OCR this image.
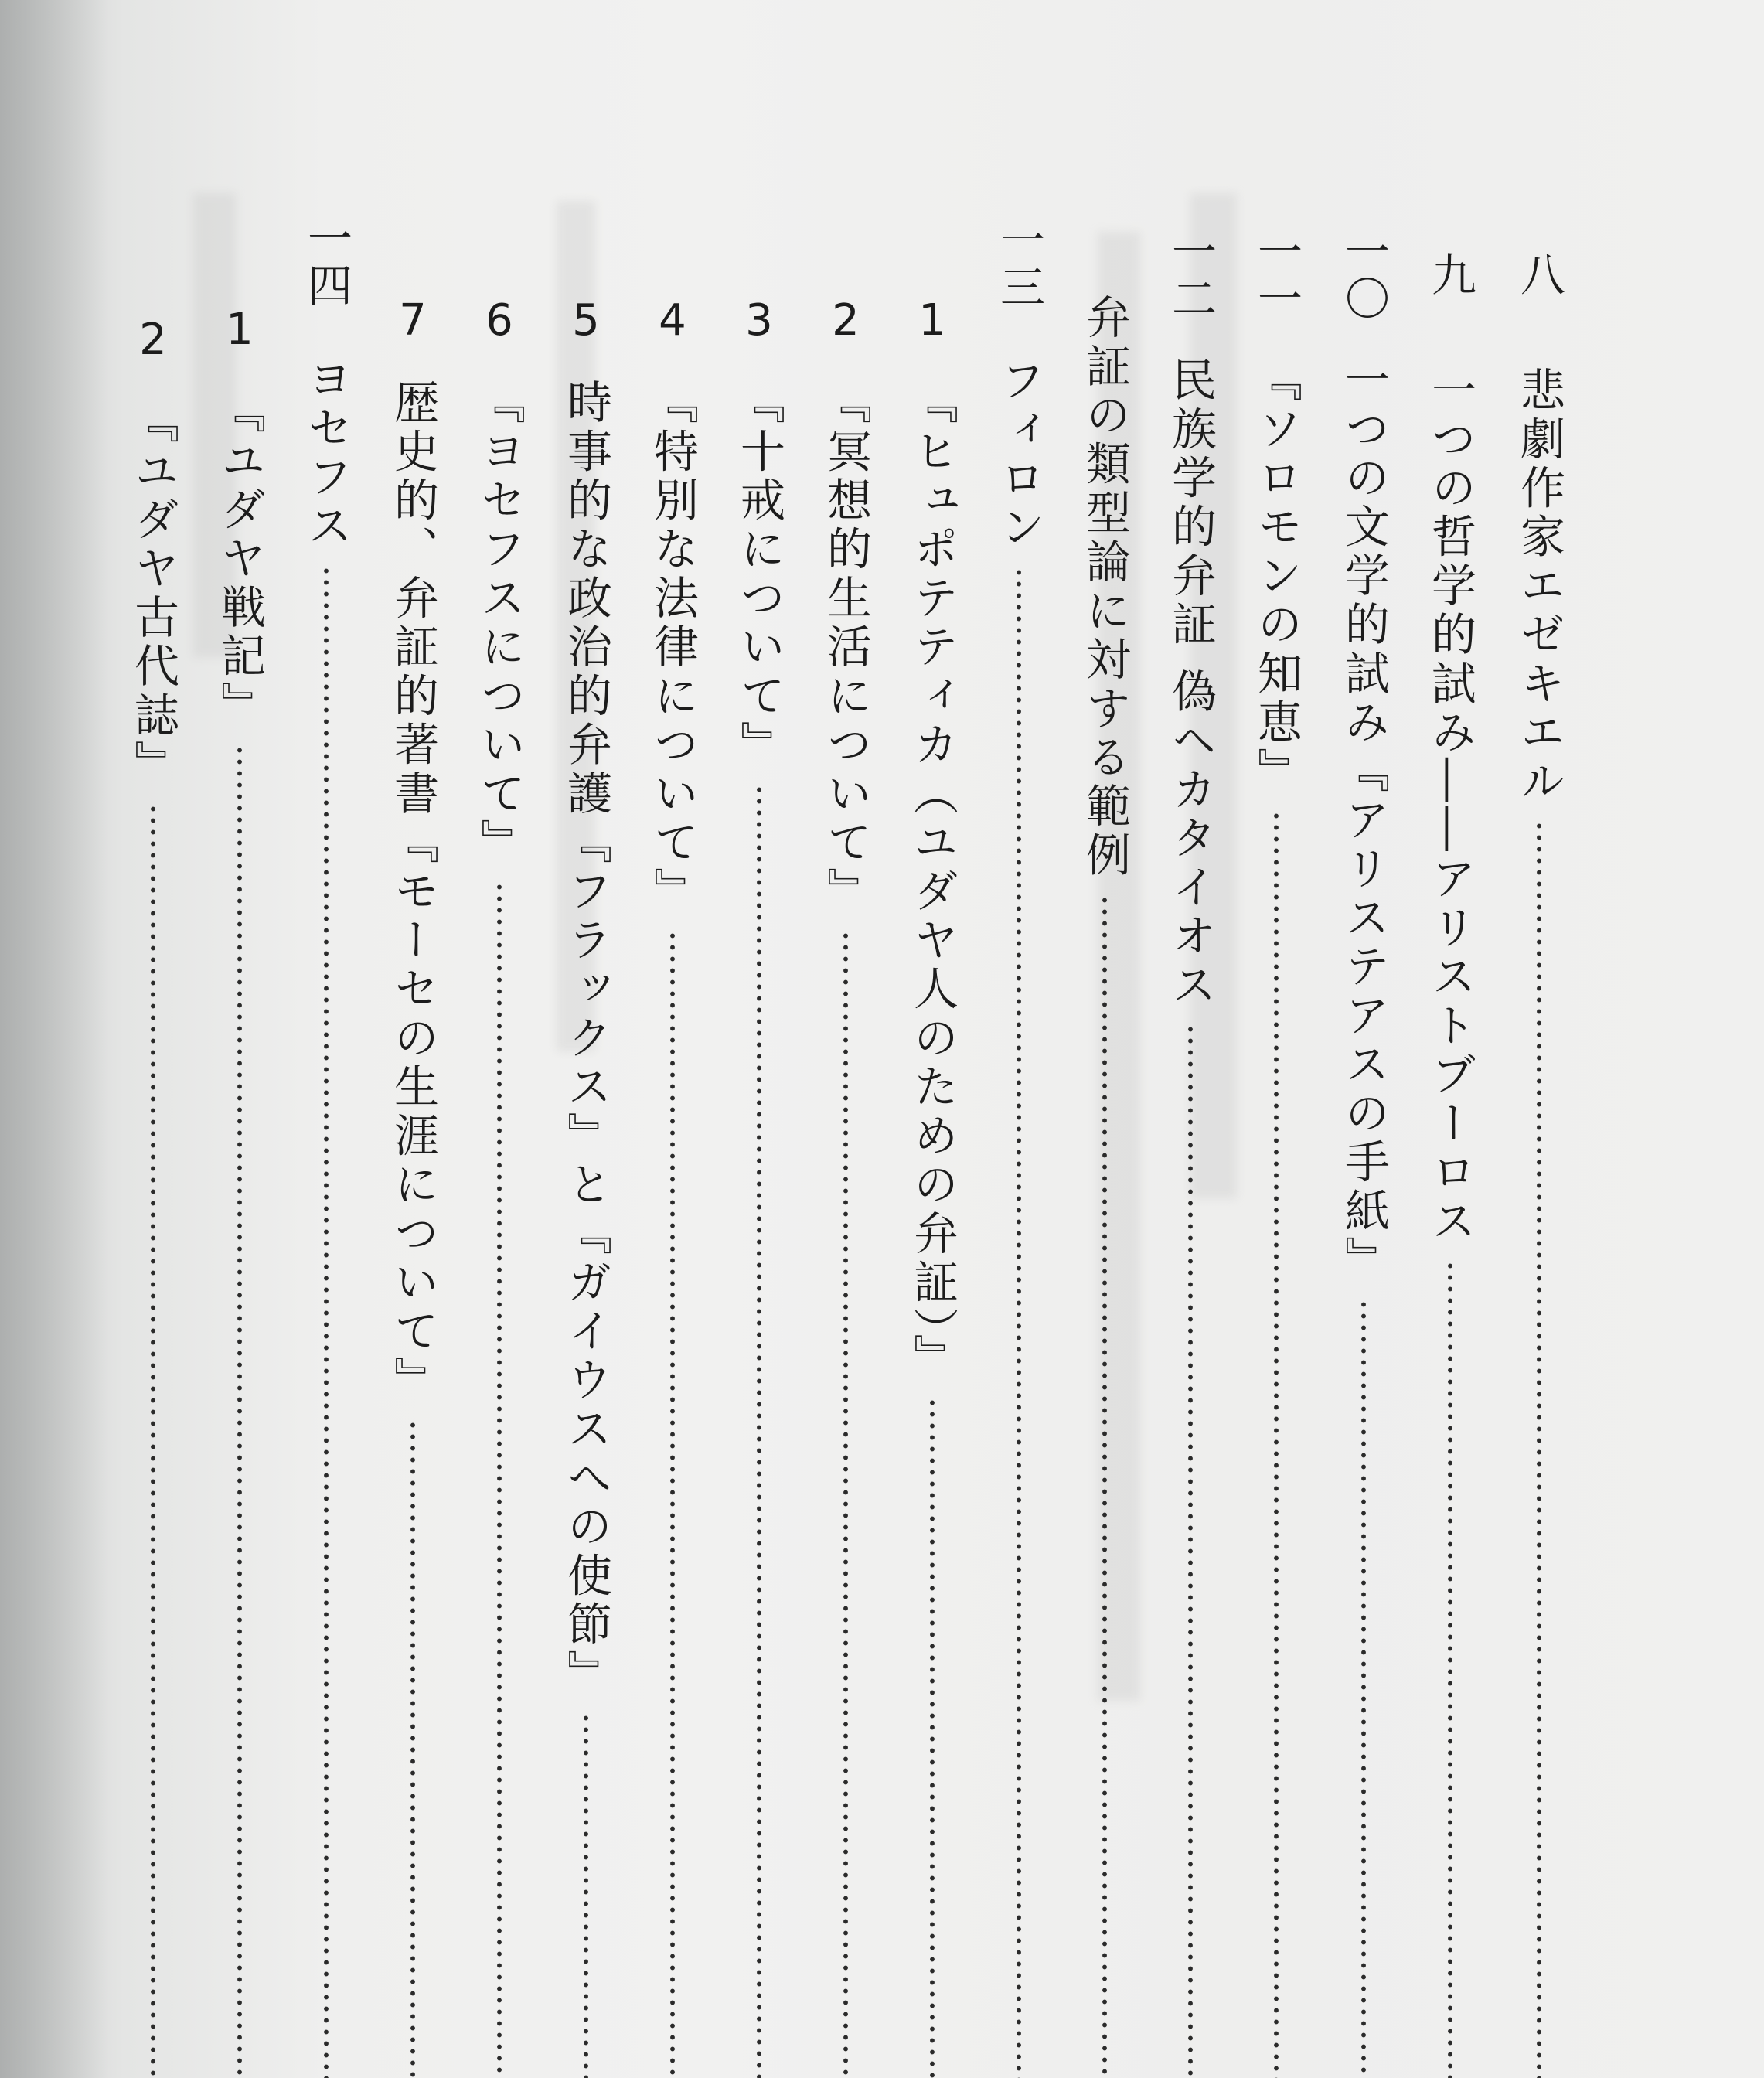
八
悲劇作家エゼキエル
九
一つの哲学的試み――アリストブーロス
一〇
一つの文学的試み『アリステアスの手紙』
一一
『ソロモンの知恵』
一二
民族学的弁証 偽ヘカタイオス
弁証の類型論に対する範例
一三
フィロン
1
『ヒュポテティカ（ユダヤ人のための弁証）』
2
『冥想的生活について』
3
『十戒について』
4
『特別な法律について』
5
時事的な政治的弁護『フラックス』と『ガイウスへの使節』
6
『ヨセフスについて』
7
歴史的、弁証的著書『モーセの生涯について』
一四
ヨセフス
1
『ユダヤ戦記』
2
『ユダヤ古代誌』
